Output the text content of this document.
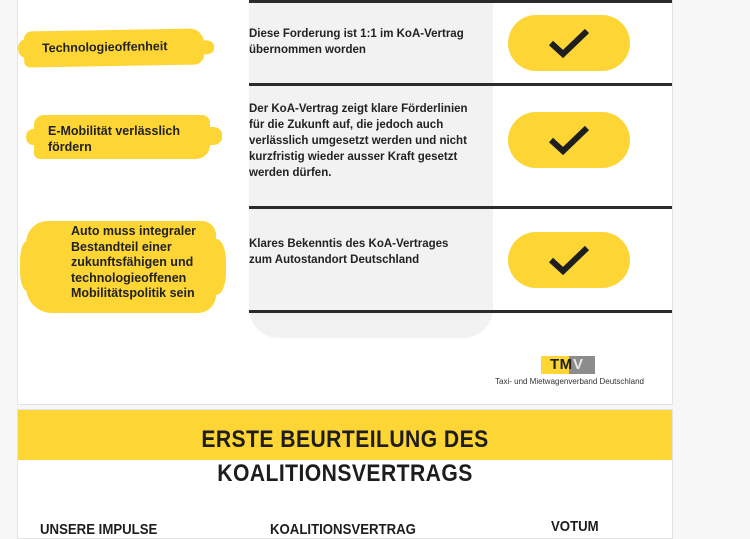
Technologieoffenheit
Diese Forderung ist 1:1 im KoA-Vertrag übernommen worden
E-Mobilität verlässlich fördern
Der KoA-Vertrag zeigt klare Förderlinien für die Zukunft auf, die jedoch auch verlässlich umgesetzt werden und nicht kurzfristig wieder ausser Kraft gesetzt werden dürfen.
Auto muss integraler Bestandteil einer zukunftsfähigen und technologieoffenen Mobilitätspolitik sein
Klares Bekenntis des KoA-Vertrages zum Autostandort Deutschland
TM V
Taxi- und Mietwagenverband Deutschland
ERSTE BEURTEILUNG DES
KOALITIONSVERTRAGS
UNSERE IMPULSE	KOALITIONSVERTRAG	VOTUM
